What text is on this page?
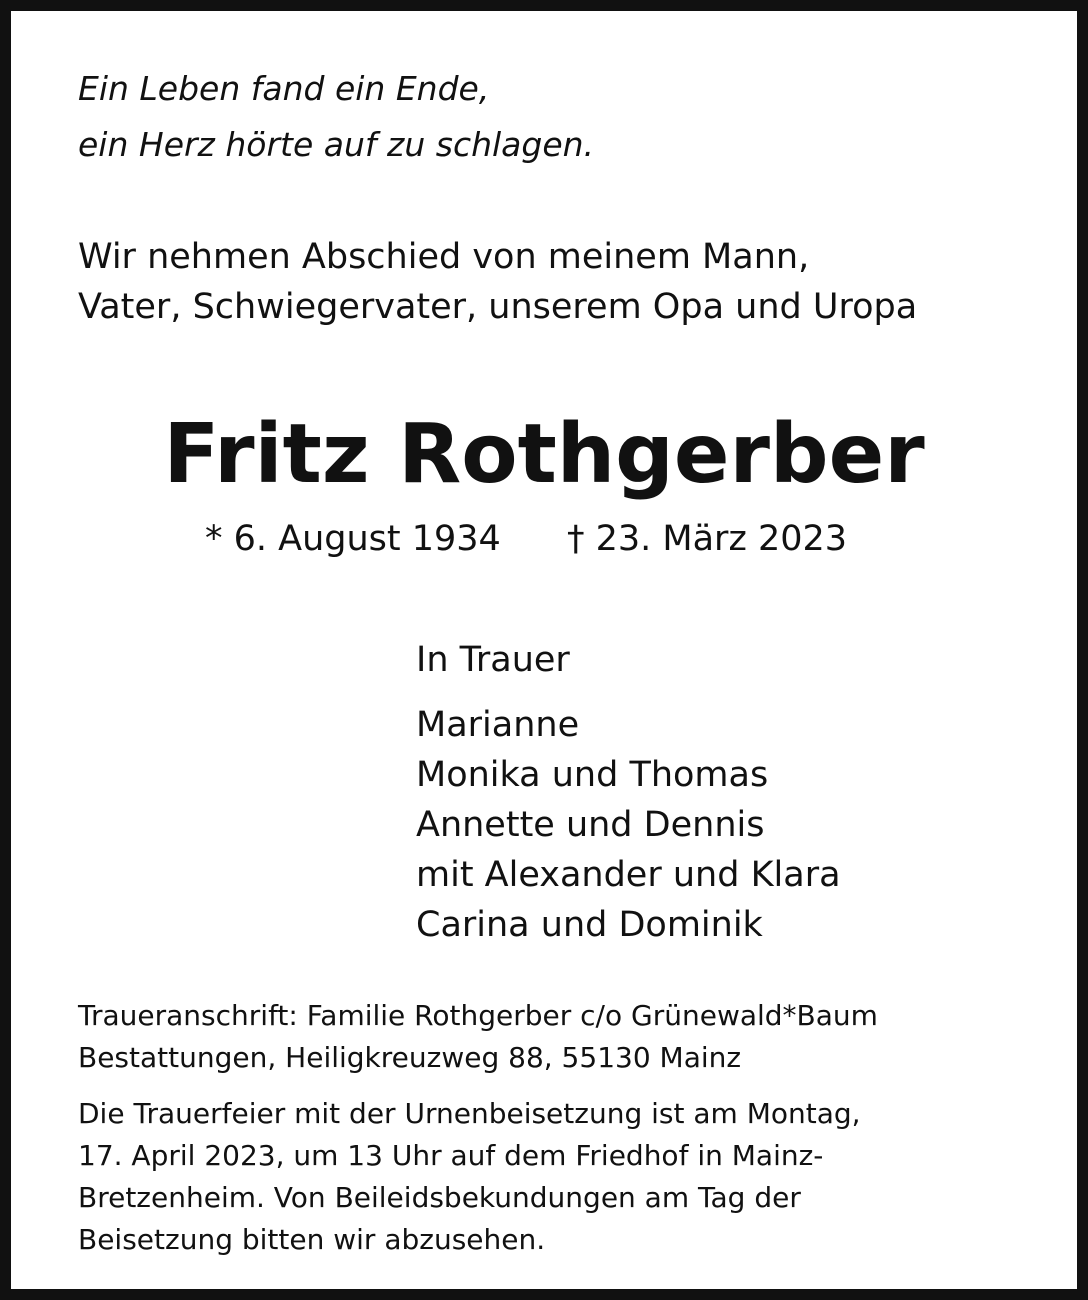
Ein Leben fand ein Ende,

ein Herz hörte auf zu schlagen.

Wir nehmen Abschied von meinem Mann,

Vater, Schwiegervater, unserem Opa und Uropa

Fritz Rothgerber

* 6. August 1934 † 23. März 2023

In Trauer

Marianne

Monika und Thomas

Annette und Dennis

mit Alexander und Klara

Carina und Dominik

Traueranschrift: Familie Rothgerber c/o Grünewald*Baum

Bestattungen, Heiligkreuzweg 88, 55130 Mainz

Die Trauerfeier mit der Urnenbeisetzung ist am Montag,

17. April 2023, um 13 Uhr auf dem Friedhof in Mainz-

Bretzenheim. Von Beileidsbekundungen am Tag der

Beisetzung bitten wir abzusehen.
